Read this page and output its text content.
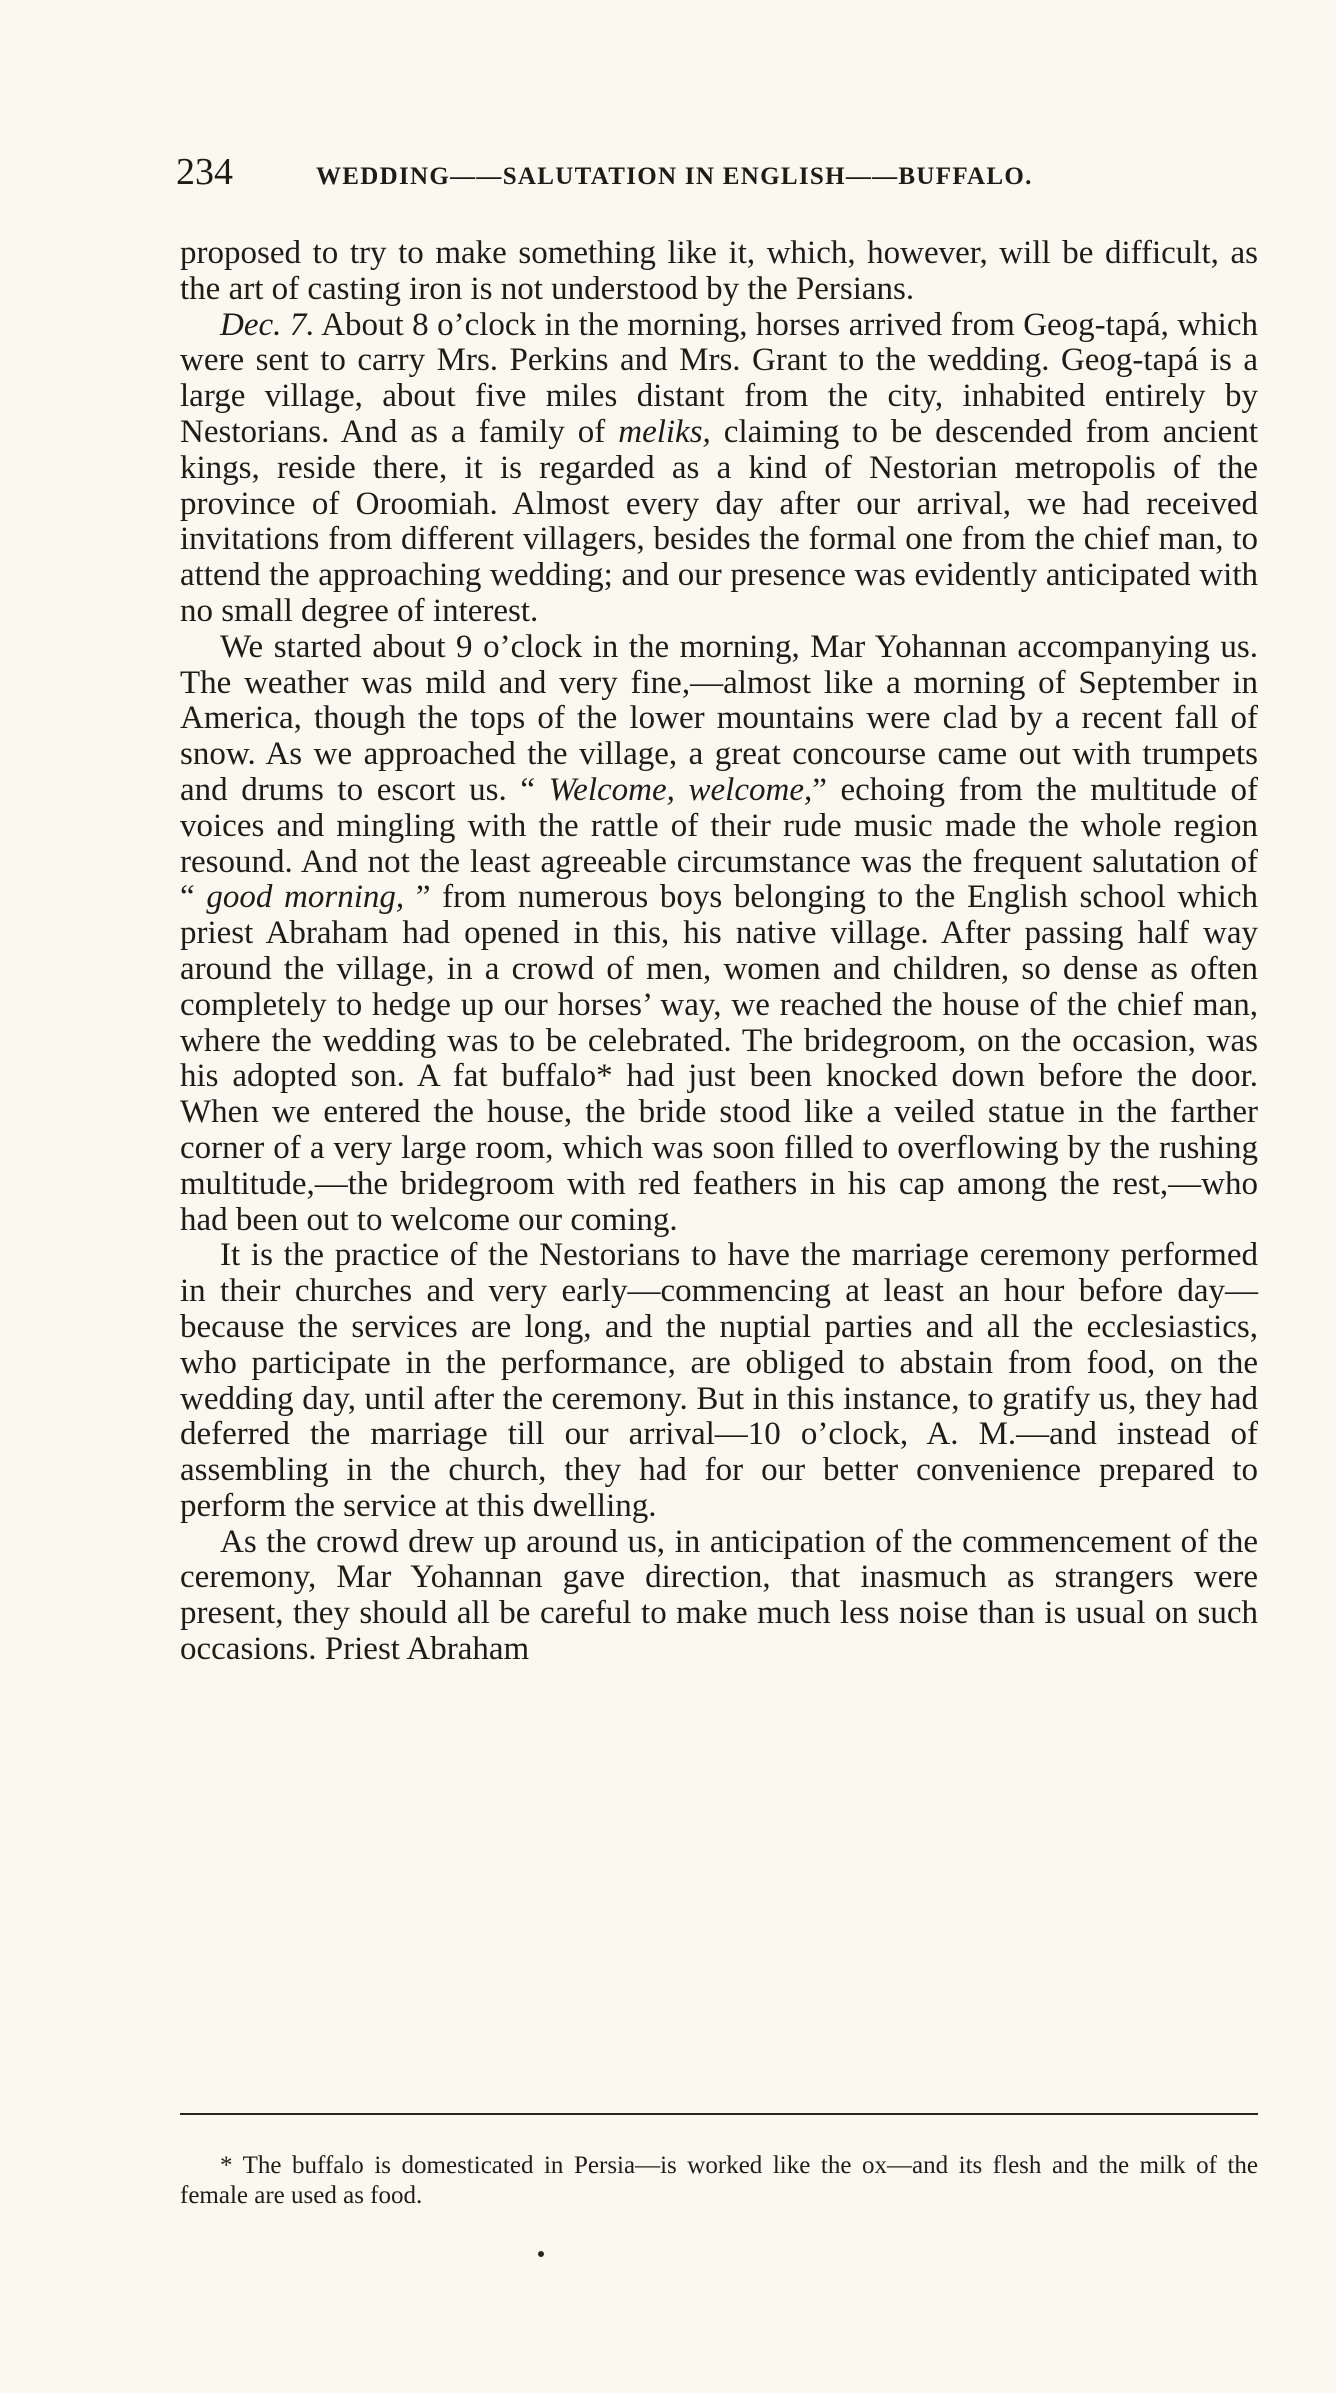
234	WEDDING——SALUTATION IN ENGLISH——BUFFALO.

proposed to try to make something like it, which, however, will be difficult, as the art of casting iron is not understood by the Persians.

Dec. 7. About 8 o’clock in the morning, horses arrived from Geog-tapá, which were sent to carry Mrs. Perkins and Mrs. Grant to the wedding. Geog-tapá is a large village, about five miles distant from the city, inhabited entirely by Nestorians. And as a family of meliks, claiming to be descended from ancient kings, reside there, it is regarded as a kind of Nestorian metropolis of the province of Oroomiah. Almost every day after our arrival, we had received invitations from different villagers, besides the formal one from the chief man, to attend the approaching wedding; and our presence was evidently anticipated with no small degree of interest.

We started about 9 o’clock in the morning, Mar Yohannan accompanying us. The weather was mild and very fine,—almost like a morning of September in America, though the tops of the lower mountains were clad by a recent fall of snow. As we approached the village, a great concourse came out with trumpets and drums to escort us. “ Welcome, welcome,” echoing from the multitude of voices and mingling with the rattle of their rude music made the whole region resound. And not the least agreeable circumstance was the frequent salutation of “ good morning, ” from numerous boys belonging to the English school which priest Abraham had opened in this, his native village. After passing half way around the village, in a crowd of men, women and children, so dense as often completely to hedge up our horses’ way, we reached the house of the chief man, where the wedding was to be celebrated. The bridegroom, on the occasion, was his adopted son. A fat buffalo* had just been knocked down before the door. When we entered the house, the bride stood like a veiled statue in the farther corner of a very large room, which was soon filled to overflowing by the rushing multitude,—the bridegroom with red feathers in his cap among the rest,—who had been out to welcome our coming.

It is the practice of the Nestorians to have the marriage ceremony performed in their churches and very early—commencing at least an hour before day—because the services are long, and the nuptial parties and all the ecclesiastics, who participate in the performance, are obliged to abstain from food, on the wedding day, until after the ceremony. But in this instance, to gratify us, they had deferred the marriage till our arrival—10 o’clock, A. M.—and instead of assembling in the church, they had for our better convenience prepared to perform the service at this dwelling.

As the crowd drew up around us, in anticipation of the commencement of the ceremony, Mar Yohannan gave direction, that inasmuch as strangers were present, they should all be careful to make much less noise than is usual on such occasions. Priest Abraham

* The buffalo is domesticated in Persia—is worked like the ox—and its flesh and the milk of the female are used as food.
